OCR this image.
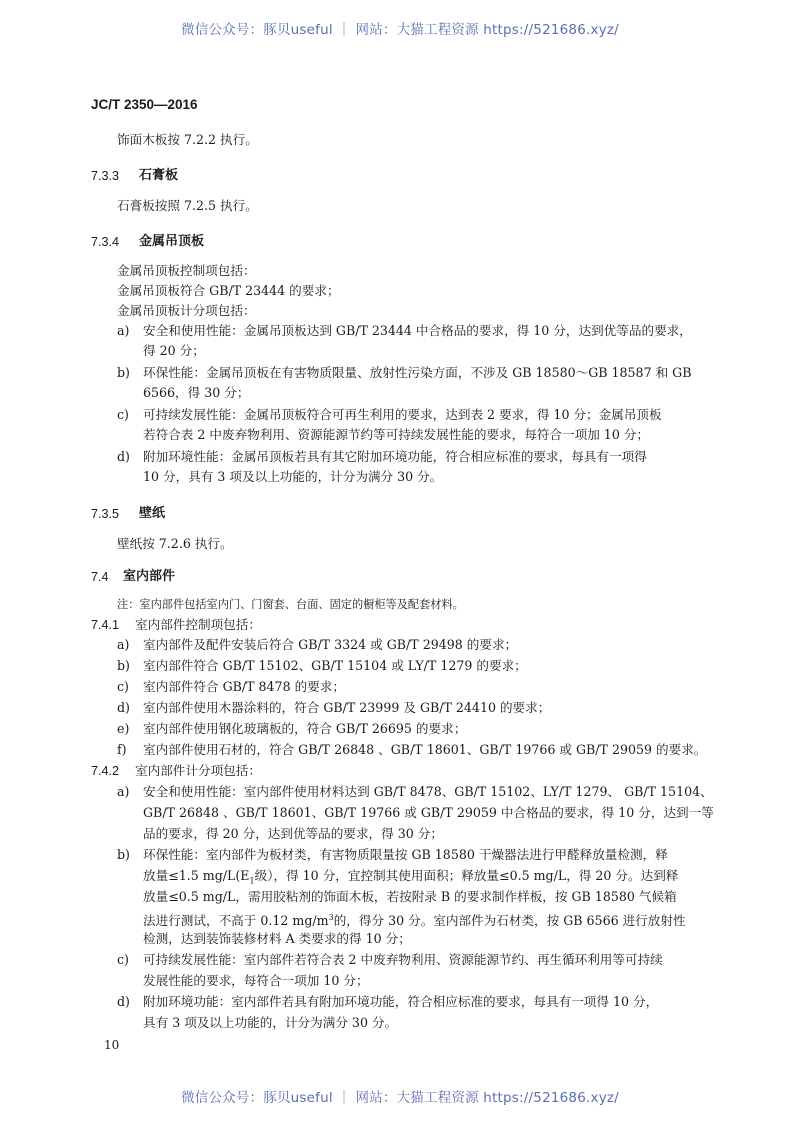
微信公众号：豚贝useful ｜ 网站：大猫工程资源 https://521686.xyz/
JC/T 2350—2016
饰面木板按 7.2.2 执行。
7.3.3 石膏板
石膏板按照 7.2.5 执行。
7.3.4 金属吊顶板
金属吊顶板控制项包括：
金属吊顶板符合 GB/T 23444 的要求；
金属吊顶板计分项包括：
a) 安全和使用性能：金属吊顶板达到 GB/T 23444 中合格品的要求，得 10 分，达到优等品的要求，
得 20 分；
b) 环保性能：金属吊顶板在有害物质限量、放射性污染方面，不涉及 GB 18580～GB 18587 和 GB
6566，得 30 分；
c) 可持续发展性能：金属吊顶板符合可再生利用的要求，达到表 2 要求，得 10 分；金属吊顶板
若符合表 2 中废弃物利用、资源能源节约等可持续发展性能的要求，每符合一项加 10 分；
d) 附加环境性能：金属吊顶板若具有其它附加环境功能，符合相应标准的要求，每具有一项得
10 分，具有 3 项及以上功能的，计分为满分 30 分。
7.3.5 壁纸
壁纸按 7.2.6 执行。
7.4 室内部件
注：室内部件包括室内门、门窗套、台面、固定的橱柜等及配套材料。
7.4.1 室内部件控制项包括：
a) 室内部件及配件安装后符合 GB/T 3324 或 GB/T 29498 的要求；
b) 室内部件符合 GB/T 15102、GB/T 15104 或 LY/T 1279 的要求；
c) 室内部件符合 GB/T 8478 的要求；
d) 室内部件使用木器涂料的，符合 GB/T 23999 及 GB/T 24410 的要求；
e) 室内部件使用钢化玻璃板的，符合 GB/T 26695 的要求；
f) 室内部件使用石材的，符合 GB/T 26848 、GB/T 18601、GB/T 19766 或 GB/T 29059 的要求。
7.4.2 室内部件计分项包括：
a) 安全和使用性能：室内部件使用材料达到 GB/T 8478、GB/T 15102、LY/T 1279、 GB/T 15104、
GB/T 26848 、GB/T 18601、GB/T 19766 或 GB/T 29059 中合格品的要求，得 10 分，达到一等
品的要求，得 20 分，达到优等品的要求，得 30 分；
b) 环保性能：室内部件为板材类，有害物质限量按 GB 18580 干燥器法进行甲醛释放量检测，释
放量≤1.5 $mg/L(E_1$级），得 10 分，宜控制其使用面积；释放量≤0.5 mg/L，得 20 分。达到释
放量≤0.5 mg/L，需用胶粘剂的饰面木板，若按附录 B 的要求制作样板，按 GB 18580 气候箱
法进行测试，不高于 0.12 $mg/m^3$的，得分 30 分。室内部件为石材类，按 GB 6566 进行放射性
检测，达到装饰装修材料 A 类要求的得 10 分；
c) 可持续发展性能：室内部件若符合表 2 中废弃物利用、资源能源节约、再生循环利用等可持续
发展性能的要求，每符合一项加 10 分；
d) 附加环境功能：室内部件若具有附加环境功能，符合相应标准的要求，每具有一项得 10 分，
具有 3 项及以上功能的，计分为满分 30 分。
10
微信公众号：豚贝useful ｜ 网站：大猫工程资源 https://521686.xyz/
